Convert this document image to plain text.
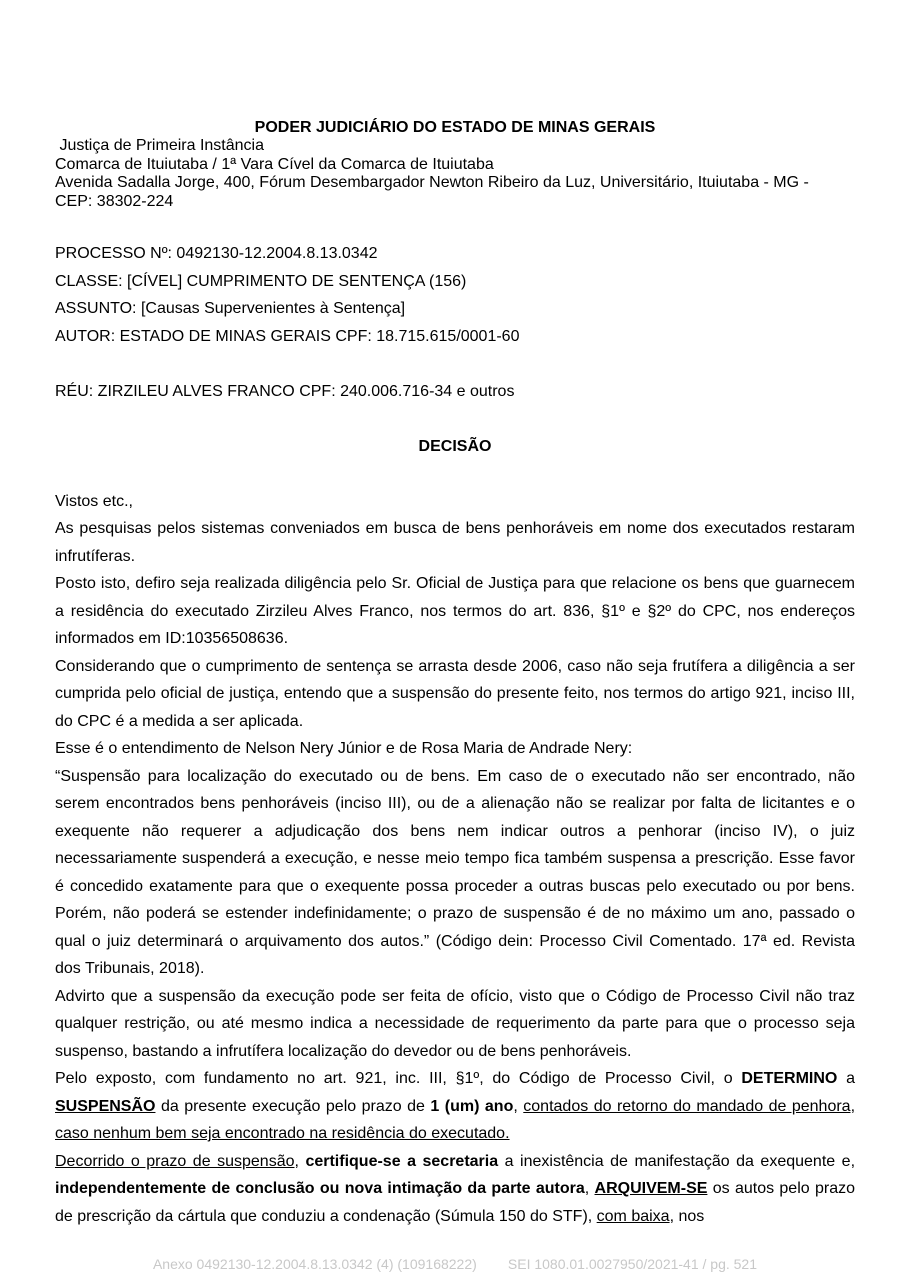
PODER JUDICIÁRIO DO ESTADO DE MINAS GERAIS

Justiça de Primeira Instância

Comarca de Ituiutaba / 1ª Vara Cível da Comarca de Ituiutaba

Avenida Sadalla Jorge, 400, Fórum Desembargador Newton Ribeiro da Luz, Universitário, Ituiutaba - MG -

CEP: 38302-224

PROCESSO Nº: 0492130-12.2004.8.13.0342

CLASSE: [CÍVEL] CUMPRIMENTO DE SENTENÇA (156)

ASSUNTO: [Causas Supervenientes à Sentença]

AUTOR: ESTADO DE MINAS GERAIS CPF: 18.715.615/0001-60

RÉU: ZIRZILEU ALVES FRANCO CPF: 240.006.716-34 e outros

DECISÃO

Vistos etc.,

As pesquisas pelos sistemas conveniados em busca de bens penhoráveis em nome dos executados restaram infrutíferas.

Posto isto, defiro seja realizada diligência pelo Sr. Oficial de Justiça para que relacione os bens que guarnecem a residência do executado Zirzileu Alves Franco, nos termos do art. 836, §1º e §2º do CPC, nos endereços informados em ID:10356508636.

Considerando que o cumprimento de sentença se arrasta desde 2006, caso não seja frutífera a diligência a ser cumprida pelo oficial de justiça, entendo que a suspensão do presente feito, nos termos do artigo 921, inciso III, do CPC é a medida a ser aplicada.

Esse é o entendimento de Nelson Nery Júnior e de Rosa Maria de Andrade Nery:

“Suspensão para localização do executado ou de bens. Em caso de o executado não ser encontrado, não serem encontrados bens penhoráveis (inciso III), ou de a alienação não se realizar por falta de licitantes e o exequente não requerer a adjudicação dos bens nem indicar outros a penhorar (inciso IV), o juiz necessariamente suspenderá a execução, e nesse meio tempo fica também suspensa a prescrição. Esse favor é concedido exatamente para que o exequente possa proceder a outras buscas pelo executado ou por bens. Porém, não poderá se estender indefinidamente; o prazo de suspensão é de no máximo um ano, passado o qual o juiz determinará o arquivamento dos autos.” (Código dein: Processo Civil Comentado. 17ª ed. Revista dos Tribunais, 2018).

Advirto que a suspensão da execução pode ser feita de ofício, visto que o Código de Processo Civil não traz qualquer restrição, ou até mesmo indica a necessidade de requerimento da parte para que o processo seja suspenso, bastando a infrutífera localização do devedor ou de bens penhoráveis.

Pelo exposto, com fundamento no art. 921, inc. III, §1º, do Código de Processo Civil, o DETERMINO a SUSPENSÃO da presente execução pelo prazo de 1 (um) ano, contados do retorno do mandado de penhora, caso nenhum bem seja encontrado na residência do executado.

Decorrido o prazo de suspensão, certifique-se a secretaria a inexistência de manifestação da exequente e, independentemente de conclusão ou nova intimação da parte autora, ARQUIVEM-SE os autos pelo prazo de prescrição da cártula que conduziu a condenação (Súmula 150 do STF), com baixa, nos

Anexo 0492130-12.2004.8.13.0342 (4) (109168222)        SEI 1080.01.0027950/2021-41 / pg. 521
